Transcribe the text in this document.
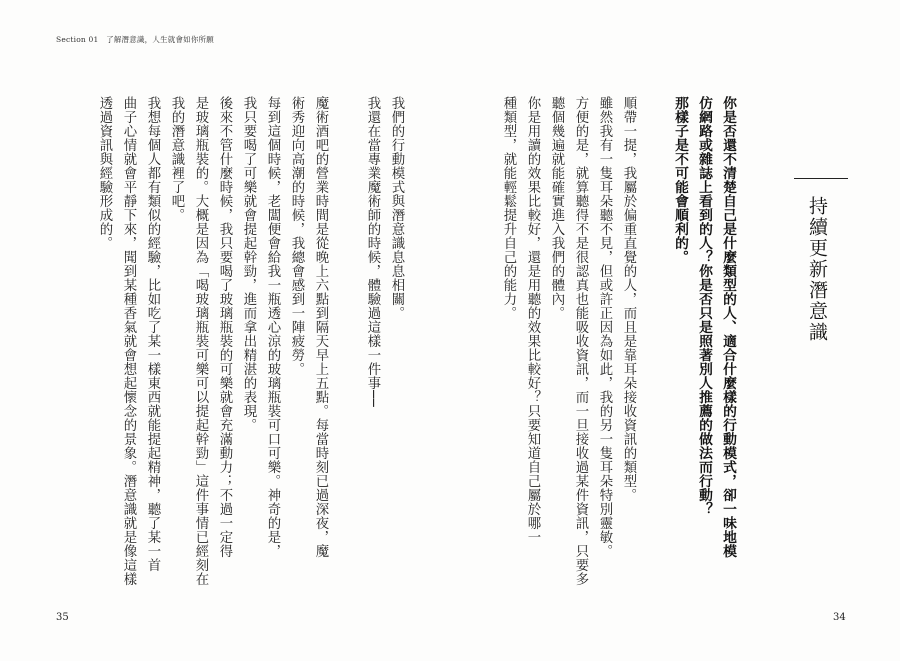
Section 01　了解潛意識，人生就會如你所願
持續更新潛意識
你是否還不清楚自己是什麼類型的人、適合什麼樣的行動模式，卻一味地模
仿網路或雜誌上看到的人？你是否只是照著別人推薦的做法而行動？
那樣子是不可能會順利的。
順帶一提，我屬於偏重直覺的人，而且是靠耳朵接收資訊的類型。
雖然我有一隻耳朵聽不見，但或許正因為如此，我的另一隻耳朵特別靈敏。
方便的是，就算聽得不是很認真也能吸收資訊，而一旦接收過某件資訊，只要多
聽個幾遍就能確實進入我們的體內。
你是用讀的效果比較好，還是用聽的效果比較好？只要知道自己屬於哪一
種類型，就能輕鬆提升自己的能力。
我們的行動模式與潛意識息息相關。
我還在當專業魔術師的時候，體驗過這樣一件事──
魔術酒吧的營業時間是從晚上六點到隔天早上五點。每當時刻已過深夜，魔
術秀迎向高潮的時候，我總會感到一陣疲勞。
每到這個時候，老闆便會給我一瓶透心涼的玻璃瓶裝可口可樂。神奇的是，
我只要喝了可樂就會提起幹勁，進而拿出精湛的表現。
後來不管什麼時候，我只要喝了玻璃瓶裝的可樂就會充滿動力；不過一定得
是玻璃瓶裝的。大概是因為「喝玻璃瓶裝可樂可以提起幹勁」這件事情已經刻在
我的潛意識裡了吧。
我想每個人都有類似的經驗，比如吃了某一樣東西就能提起精神，聽了某一首
曲子心情就會平靜下來，聞到某種香氣就會想起懷念的景象。潛意識就是像這樣
透過資訊與經驗形成的。
35	34
